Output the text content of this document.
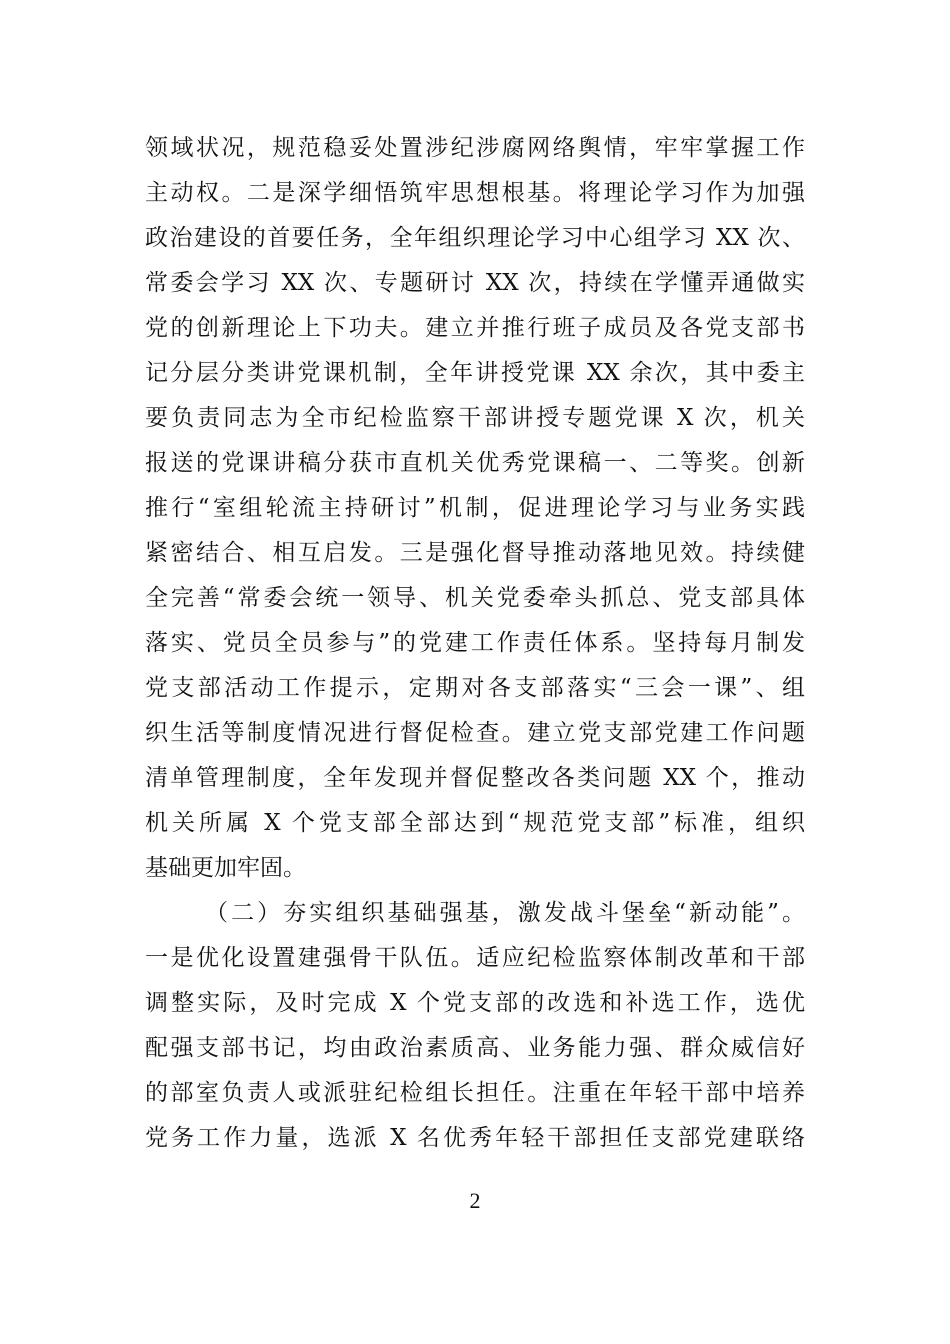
领域状况，规范稳妥处置涉纪涉腐网络舆情，牢牢掌握工作
主动权。二是深学细悟筑牢思想根基。将理论学习作为加强
政治建设的首要任务，全年组织理论学习中心组学习 XX 次、
常委会学习 XX 次、专题研讨 XX 次，持续在学懂弄通做实
党的创新理论上下功夫。建立并推行班子成员及各党支部书
记分层分类讲党课机制，全年讲授党课 XX 余次，其中委主
要负责同志为全市纪检监察干部讲授专题党课 X 次，机关
报送的党课讲稿分获市直机关优秀党课稿一、二等奖。创新
推行“室组轮流主持研讨”机制，促进理论学习与业务实践
紧密结合、相互启发。三是强化督导推动落地见效。持续健
全完善“常委会统一领导、机关党委牵头抓总、党支部具体
落实、党员全员参与”的党建工作责任体系。坚持每月制发
党支部活动工作提示，定期对各支部落实“三会一课”、组
织生活等制度情况进行督促检查。建立党支部党建工作问题
清单管理制度，全年发现并督促整改各类问题 XX 个，推动
机关所属 X 个党支部全部达到“规范党支部”标准，组织
基础更加牢固。
（二）夯实组织基础强基，激发战斗堡垒“新动能”。
一是优化设置建强骨干队伍。适应纪检监察体制改革和干部
调整实际，及时完成 X 个党支部的改选和补选工作，选优
配强支部书记，均由政治素质高、业务能力强、群众威信好
的部室负责人或派驻纪检组长担任。注重在年轻干部中培养
党务工作力量，选派 X 名优秀年轻干部担任支部党建联络
2
